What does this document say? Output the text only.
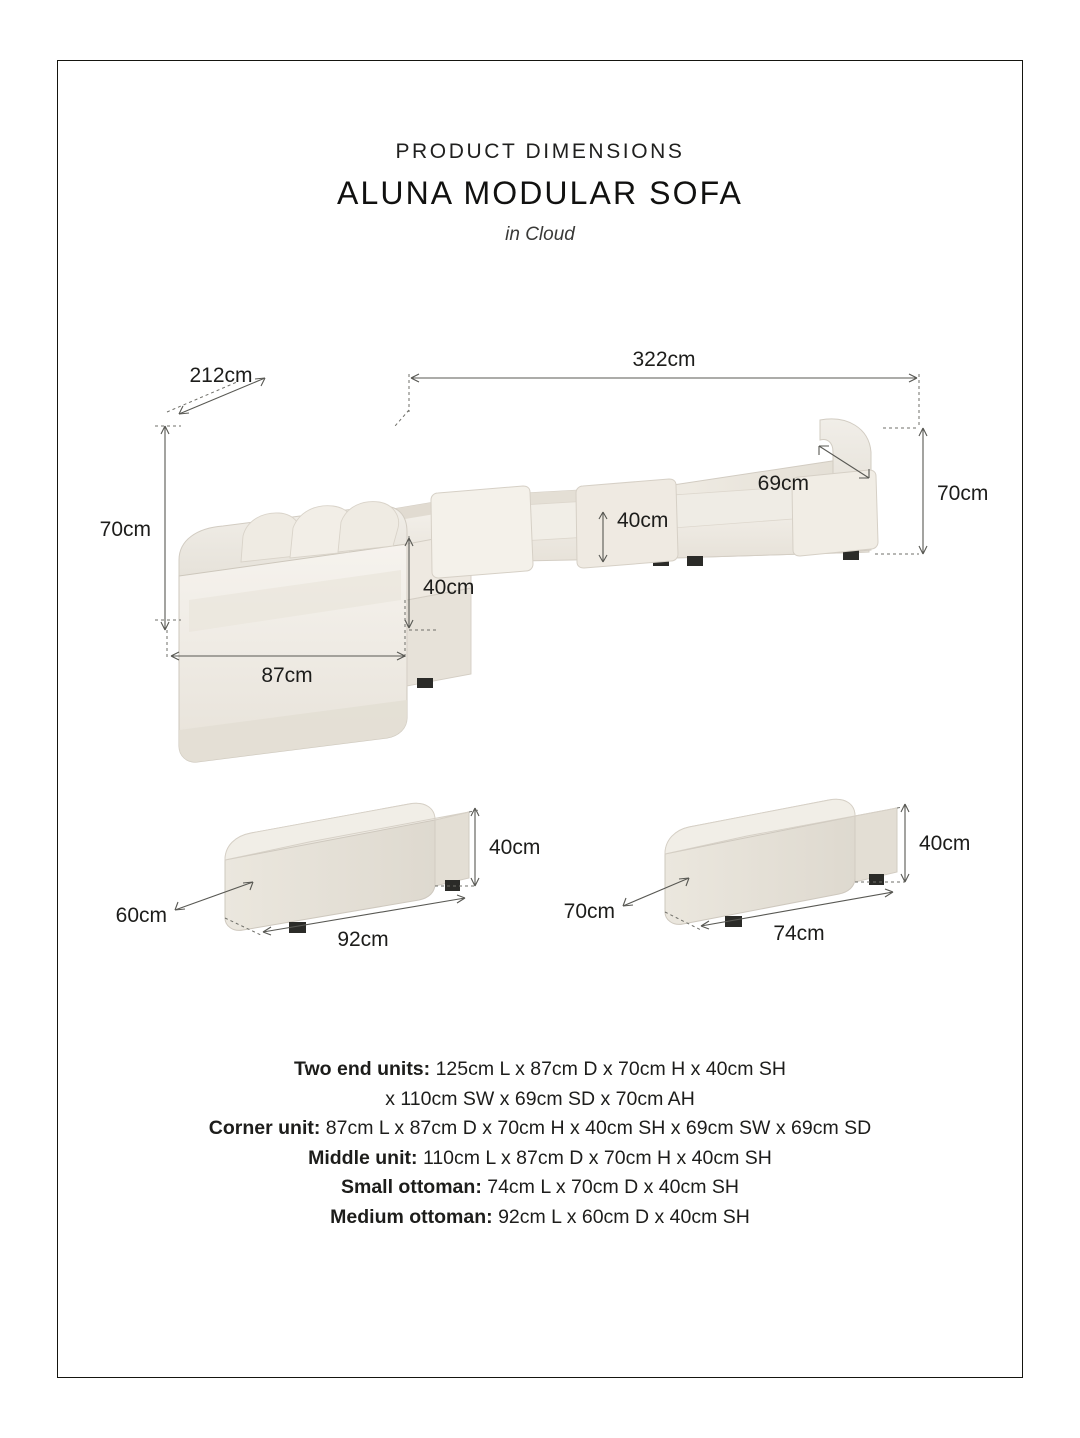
PRODUCT DIMENSIONS
ALUNA MODULAR SOFA
in Cloud
322cm
212cm
70cm
87cm
40cm
40cm
70cm
69cm
40cm
60cm
92cm
40cm
70cm
74cm
Two end units: 125cm L x 87cm D x 70cm H x 40cm SH
x 110cm SW x 69cm SD x 70cm AH
Corner unit: 87cm L x 87cm D x 70cm H x 40cm SH x 69cm SW x 69cm SD
Middle unit: 110cm L x 87cm D x 70cm H x 40cm SH
Small ottoman: 74cm L x 70cm D x 40cm SH
Medium ottoman: 92cm L x 60cm D x 40cm SH
